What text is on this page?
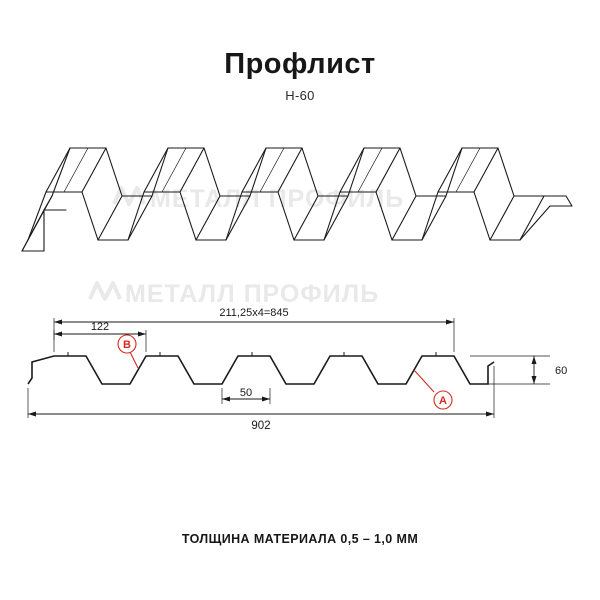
Профлист
Н-60
МЕТАЛЛ ПРОФИЛЬ
МЕТАЛЛ ПРОФИЛЬ
211,25х4=845
122
902
60
50
B
А
ТОЛЩИНА МАТЕРИАЛА 0,5 – 1,0 ММ
